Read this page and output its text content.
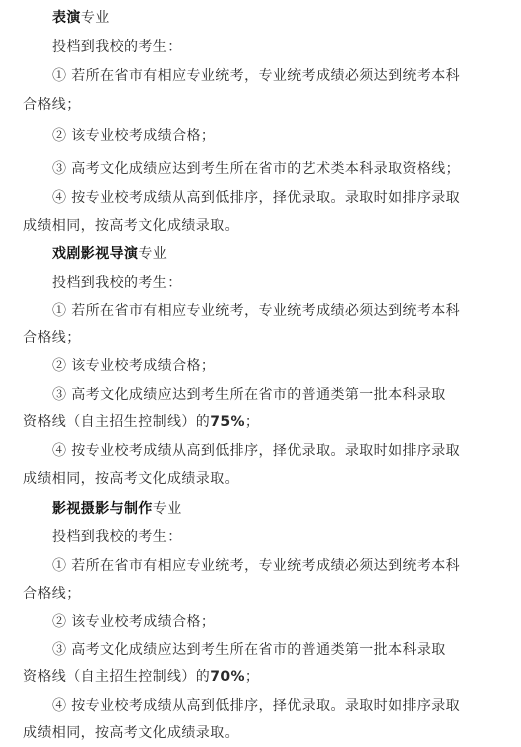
表演专业
投档到我校的考生：
① 若所在省市有相应专业统考，专业统考成绩必须达到统考本科
合格线；
② 该专业校考成绩合格；
③ 高考文化成绩应达到考生所在省市的艺术类本科录取资格线；
④ 按专业校考成绩从高到低排序，择优录取。录取时如排序录取
成绩相同，按高考文化成绩录取。
戏剧影视导演专业
投档到我校的考生：
① 若所在省市有相应专业统考，专业统考成绩必须达到统考本科
合格线；
② 该专业校考成绩合格；
③ 高考文化成绩应达到考生所在省市的普通类第一批本科录取
资格线（自主招生控制线）的75%；
④ 按专业校考成绩从高到低排序，择优录取。录取时如排序录取
成绩相同，按高考文化成绩录取。
影视摄影与制作专业
投档到我校的考生：
① 若所在省市有相应专业统考，专业统考成绩必须达到统考本科
合格线；
② 该专业校考成绩合格；
③ 高考文化成绩应达到考生所在省市的普通类第一批本科录取
资格线（自主招生控制线）的70%；
④ 按专业校考成绩从高到低排序，择优录取。录取时如排序录取
成绩相同，按高考文化成绩录取。
